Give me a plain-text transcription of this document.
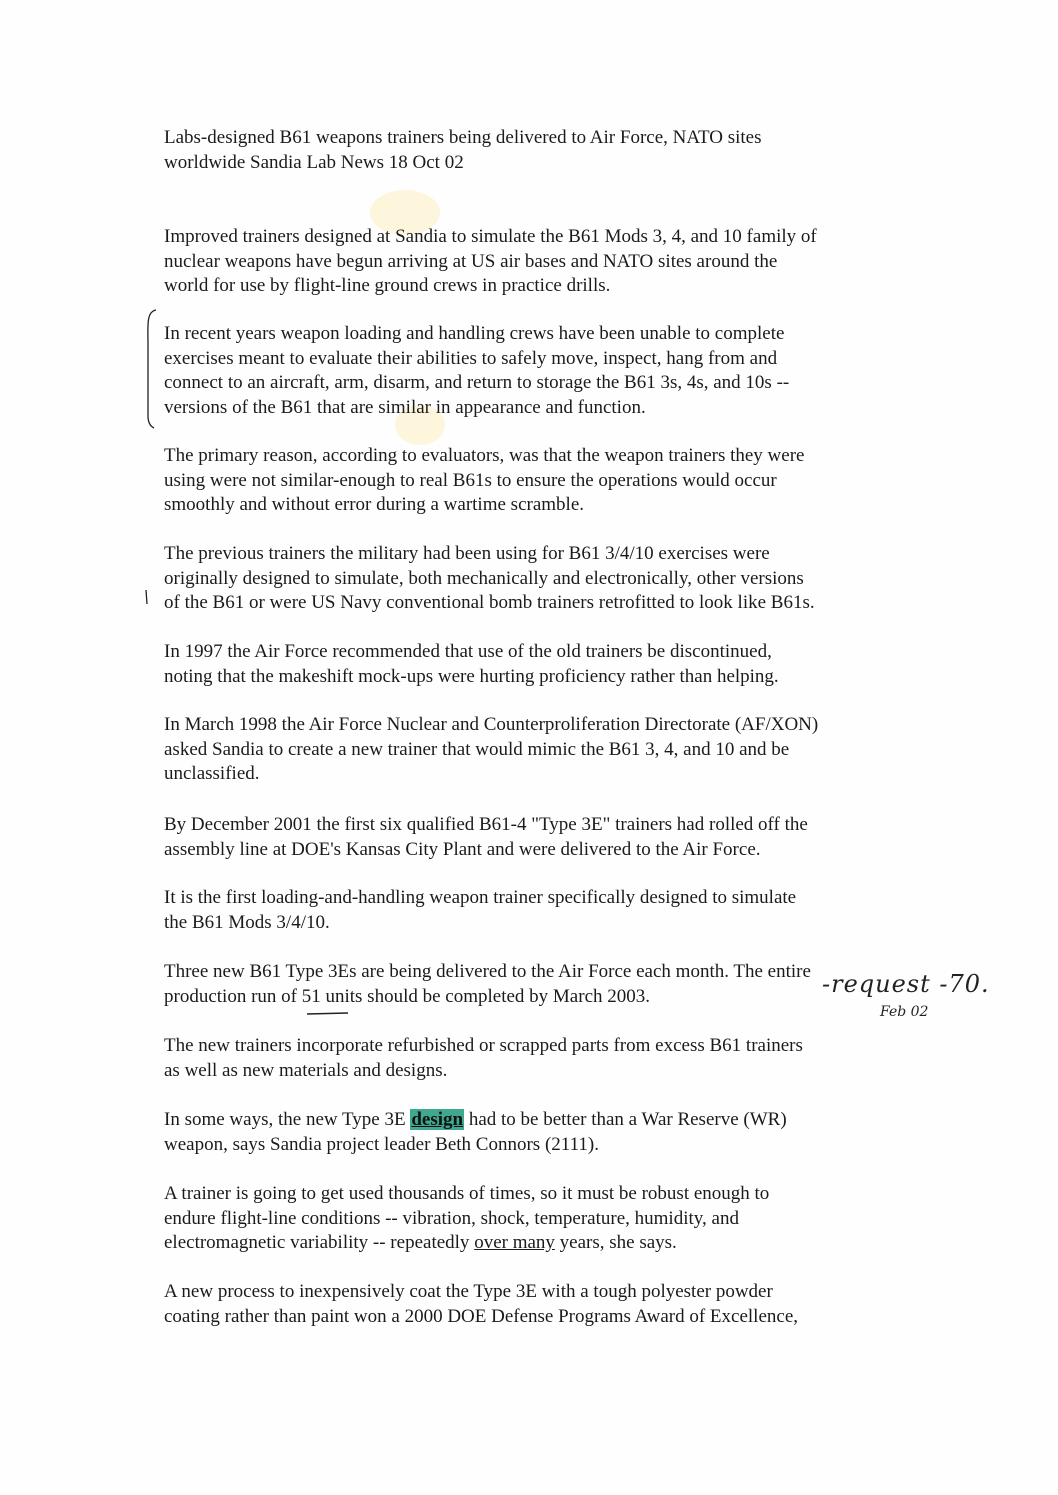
Labs-designed B61 weapons trainers being delivered to Air Force, NATO sites
worldwide Sandia Lab News 18 Oct 02
Improved trainers designed at Sandia to simulate the B61 Mods 3, 4, and 10 family of
nuclear weapons have begun arriving at US air bases and NATO sites around the
world for use by flight-line ground crews in practice drills.
In recent years weapon loading and handling crews have been unable to complete
exercises meant to evaluate their abilities to safely move, inspect, hang from and
connect to an aircraft, arm, disarm, and return to storage the B61 3s, 4s, and 10s --
versions of the B61 that are similar in appearance and function.
The primary reason, according to evaluators, was that the weapon trainers they were
using were not similar-enough to real B61s to ensure the operations would occur
smoothly and without error during a wartime scramble.
The previous trainers the military had been using for B61 3/4/10 exercises were
originally designed to simulate, both mechanically and electronically, other versions
of the B61 or were US Navy conventional bomb trainers retrofitted to look like B61s.
In 1997 the Air Force recommended that use of the old trainers be discontinued,
noting that the makeshift mock-ups were hurting proficiency rather than helping.
In March 1998 the Air Force Nuclear and Counterproliferation Directorate (AF/XON)
asked Sandia to create a new trainer that would mimic the B61 3, 4, and 10 and be
unclassified.
By December 2001 the first six qualified B61-4 "Type 3E" trainers had rolled off the
assembly line at DOE's Kansas City Plant and were delivered to the Air Force.
It is the first loading-and-handling weapon trainer specifically designed to simulate
the B61 Mods 3/4/10.
Three new B61 Type 3Es are being delivered to the Air Force each month. The entire
production run of 51 units should be completed by March 2003.	-request -70.
Feb 02
The new trainers incorporate refurbished or scrapped parts from excess B61 trainers
as well as new materials and designs.
In some ways, the new Type 3E design had to be better than a War Reserve (WR)
weapon, says Sandia project leader Beth Connors (2111).
A trainer is going to get used thousands of times, so it must be robust enough to
endure flight-line conditions -- vibration, shock, temperature, humidity, and
electromagnetic variability -- repeatedly over many years, she says.
A new process to inexpensively coat the Type 3E with a tough polyester powder
coating rather than paint won a 2000 DOE Defense Programs Award of Excellence,
